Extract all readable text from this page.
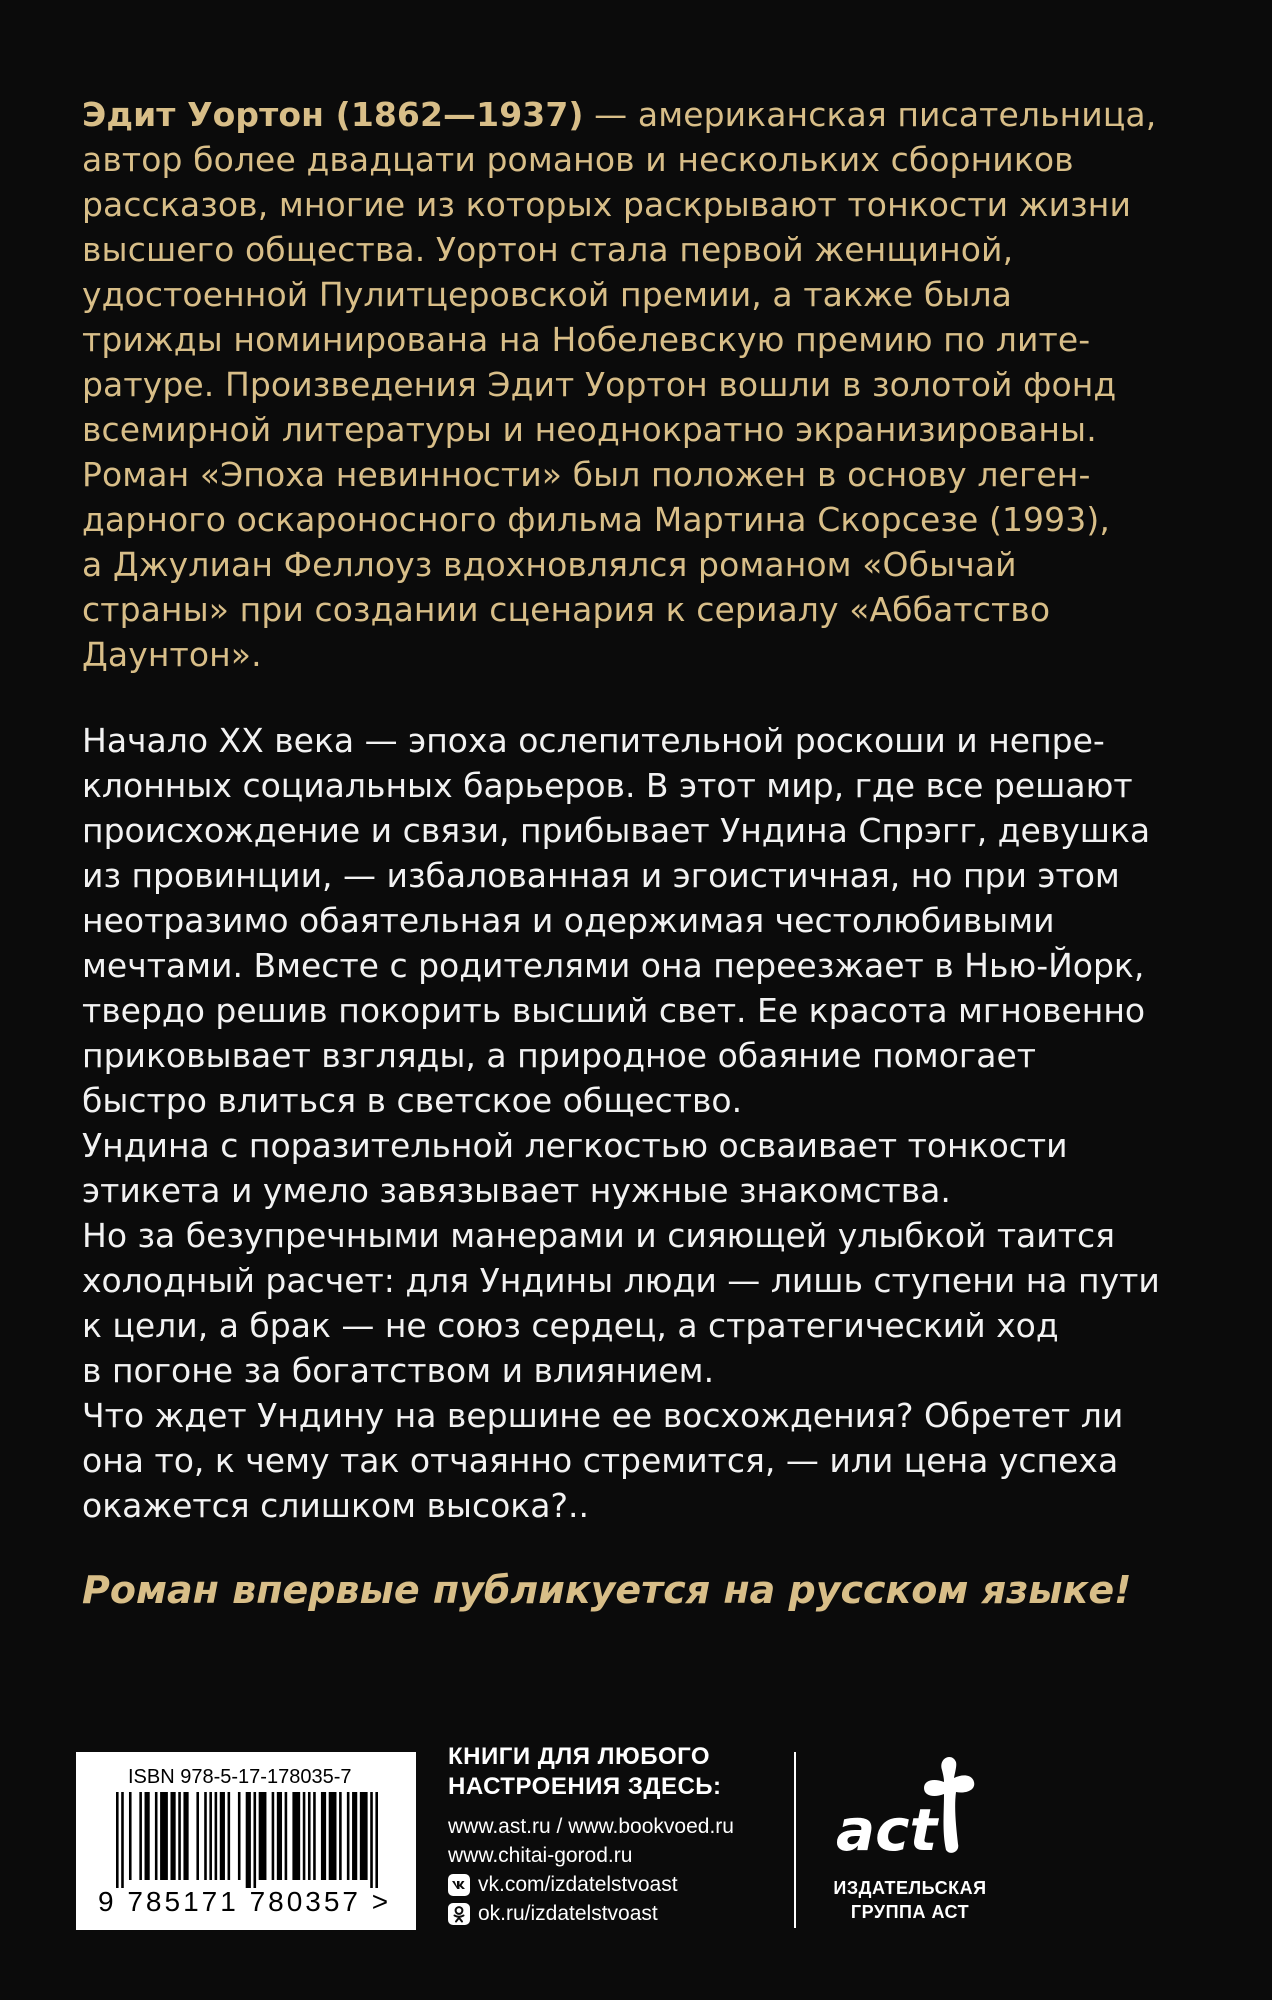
Эдит Уортон (1862—1937) — американская писательница,
автор более двадцати романов и нескольких сборников
рассказов, многие из которых раскрывают тонкости жизни
высшего общества. Уортон стала первой женщиной,
удостоенной Пулитцеровской премии, а также была
трижды номинирована на Нобелевскую премию по лите-
ратуре. Произведения Эдит Уортон вошли в золотой фонд
всемирной литературы и неоднократно экранизированы.
Роман «Эпоха невинности» был положен в основу леген-
дарного оскароносного фильма Мартина Скорсезе (1993),
а Джулиан Феллоуз вдохновлялся романом «Обычай
страны» при создании сценария к сериалу «Аббатство
Даунтон».
Начало XX века — эпоха ослепительной роскоши и непре-
клонных социальных барьеров. В этот мир, где все решают
происхождение и связи, прибывает Ундина Спрэгг, девушка
из провинции, — избалованная и эгоистичная, но при этом
неотразимо обаятельная и одержимая честолюбивыми
мечтами. Вместе с родителями она переезжает в Нью-Йорк,
твердо решив покорить высший свет. Ее красота мгновенно
приковывает взгляды, а природное обаяние помогает
быстро влиться в светское общество.
Ундина с поразительной легкостью осваивает тонкости
этикета и умело завязывает нужные знакомства.
Но за безупречными манерами и сияющей улыбкой таится
холодный расчет: для Ундины люди — лишь ступени на пути
к цели, а брак — не союз сердец, а стратегический ход
в погоне за богатством и влиянием.
Что ждет Ундину на вершине ее восхождения? Обретет ли
она то, к чему так отчаянно стремится, — или цена успеха
окажется слишком высока?..
Роман впервые публикуется на русском языке!
ISBN 978-5-17-178035-7
9 785171 780357 >
КНИГИ ДЛЯ ЛЮБОГО
НАСТРОЕНИЯ ЗДЕСЬ:
www.ast.ru / www.bookvoed.ru
www.chitai-gorod.ru
vk.com/izdatelstvoast
ok.ru/izdatelstvoast
act
ИЗДАТЕЛЬСКАЯ
ГРУППА АСТ
